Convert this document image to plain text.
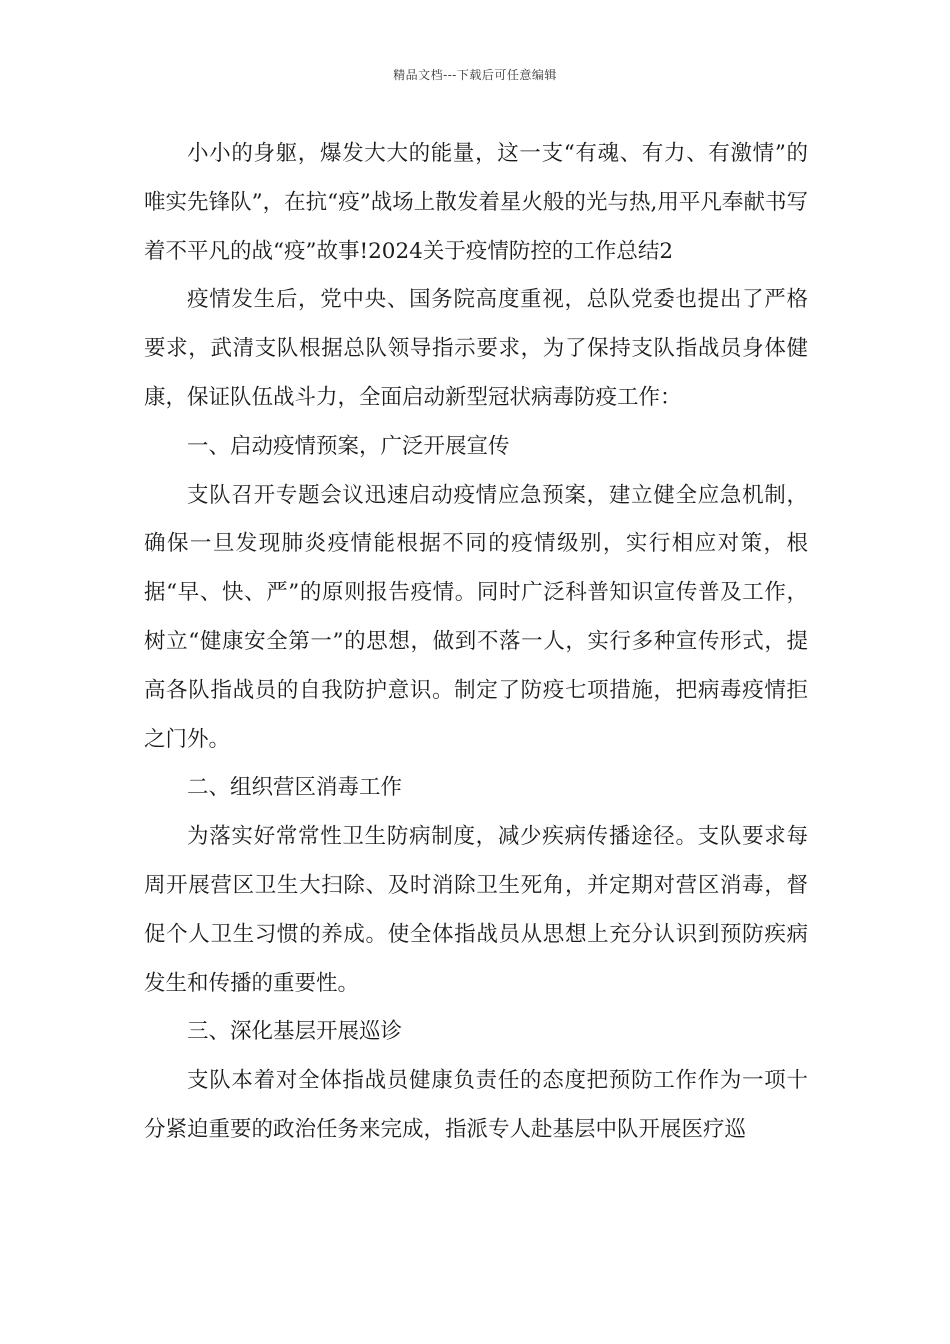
精品文档---下载后可任意编辑

小小的身躯，爆发大大的能量，这一支“有魂、有力、有激情”的唯实先锋队”，在抗“疫”战场上散发着星火般的光与热,用平凡奉献书写着不平凡的战“疫”故事!2024关于疫情防控的工作总结2

疫情发生后，党中央、国务院高度重视，总队党委也提出了严格要求，武清支队根据总队领导指示要求，为了保持支队指战员身体健康，保证队伍战斗力，全面启动新型冠状病毒防疫工作：

一、启动疫情预案，广泛开展宣传

支队召开专题会议迅速启动疫情应急预案，建立健全应急机制，确保一旦发现肺炎疫情能根据不同的疫情级别，实行相应对策，根据“早、快、严”的原则报告疫情。同时广泛科普知识宣传普及工作，树立“健康安全第一”的思想，做到不落一人，实行多种宣传形式，提高各队指战员的自我防护意识。制定了防疫七项措施，把病毒疫情拒之门外。

二、组织营区消毒工作

为落实好常常性卫生防病制度，减少疾病传播途径。支队要求每周开展营区卫生大扫除、及时消除卫生死角，并定期对营区消毒，督促个人卫生习惯的养成。使全体指战员从思想上充分认识到预防疾病发生和传播的重要性。

三、深化基层开展巡诊

支队本着对全体指战员健康负责任的态度把预防工作作为一项十分紧迫重要的政治任务来完成，指派专人赴基层中队开展医疗巡
